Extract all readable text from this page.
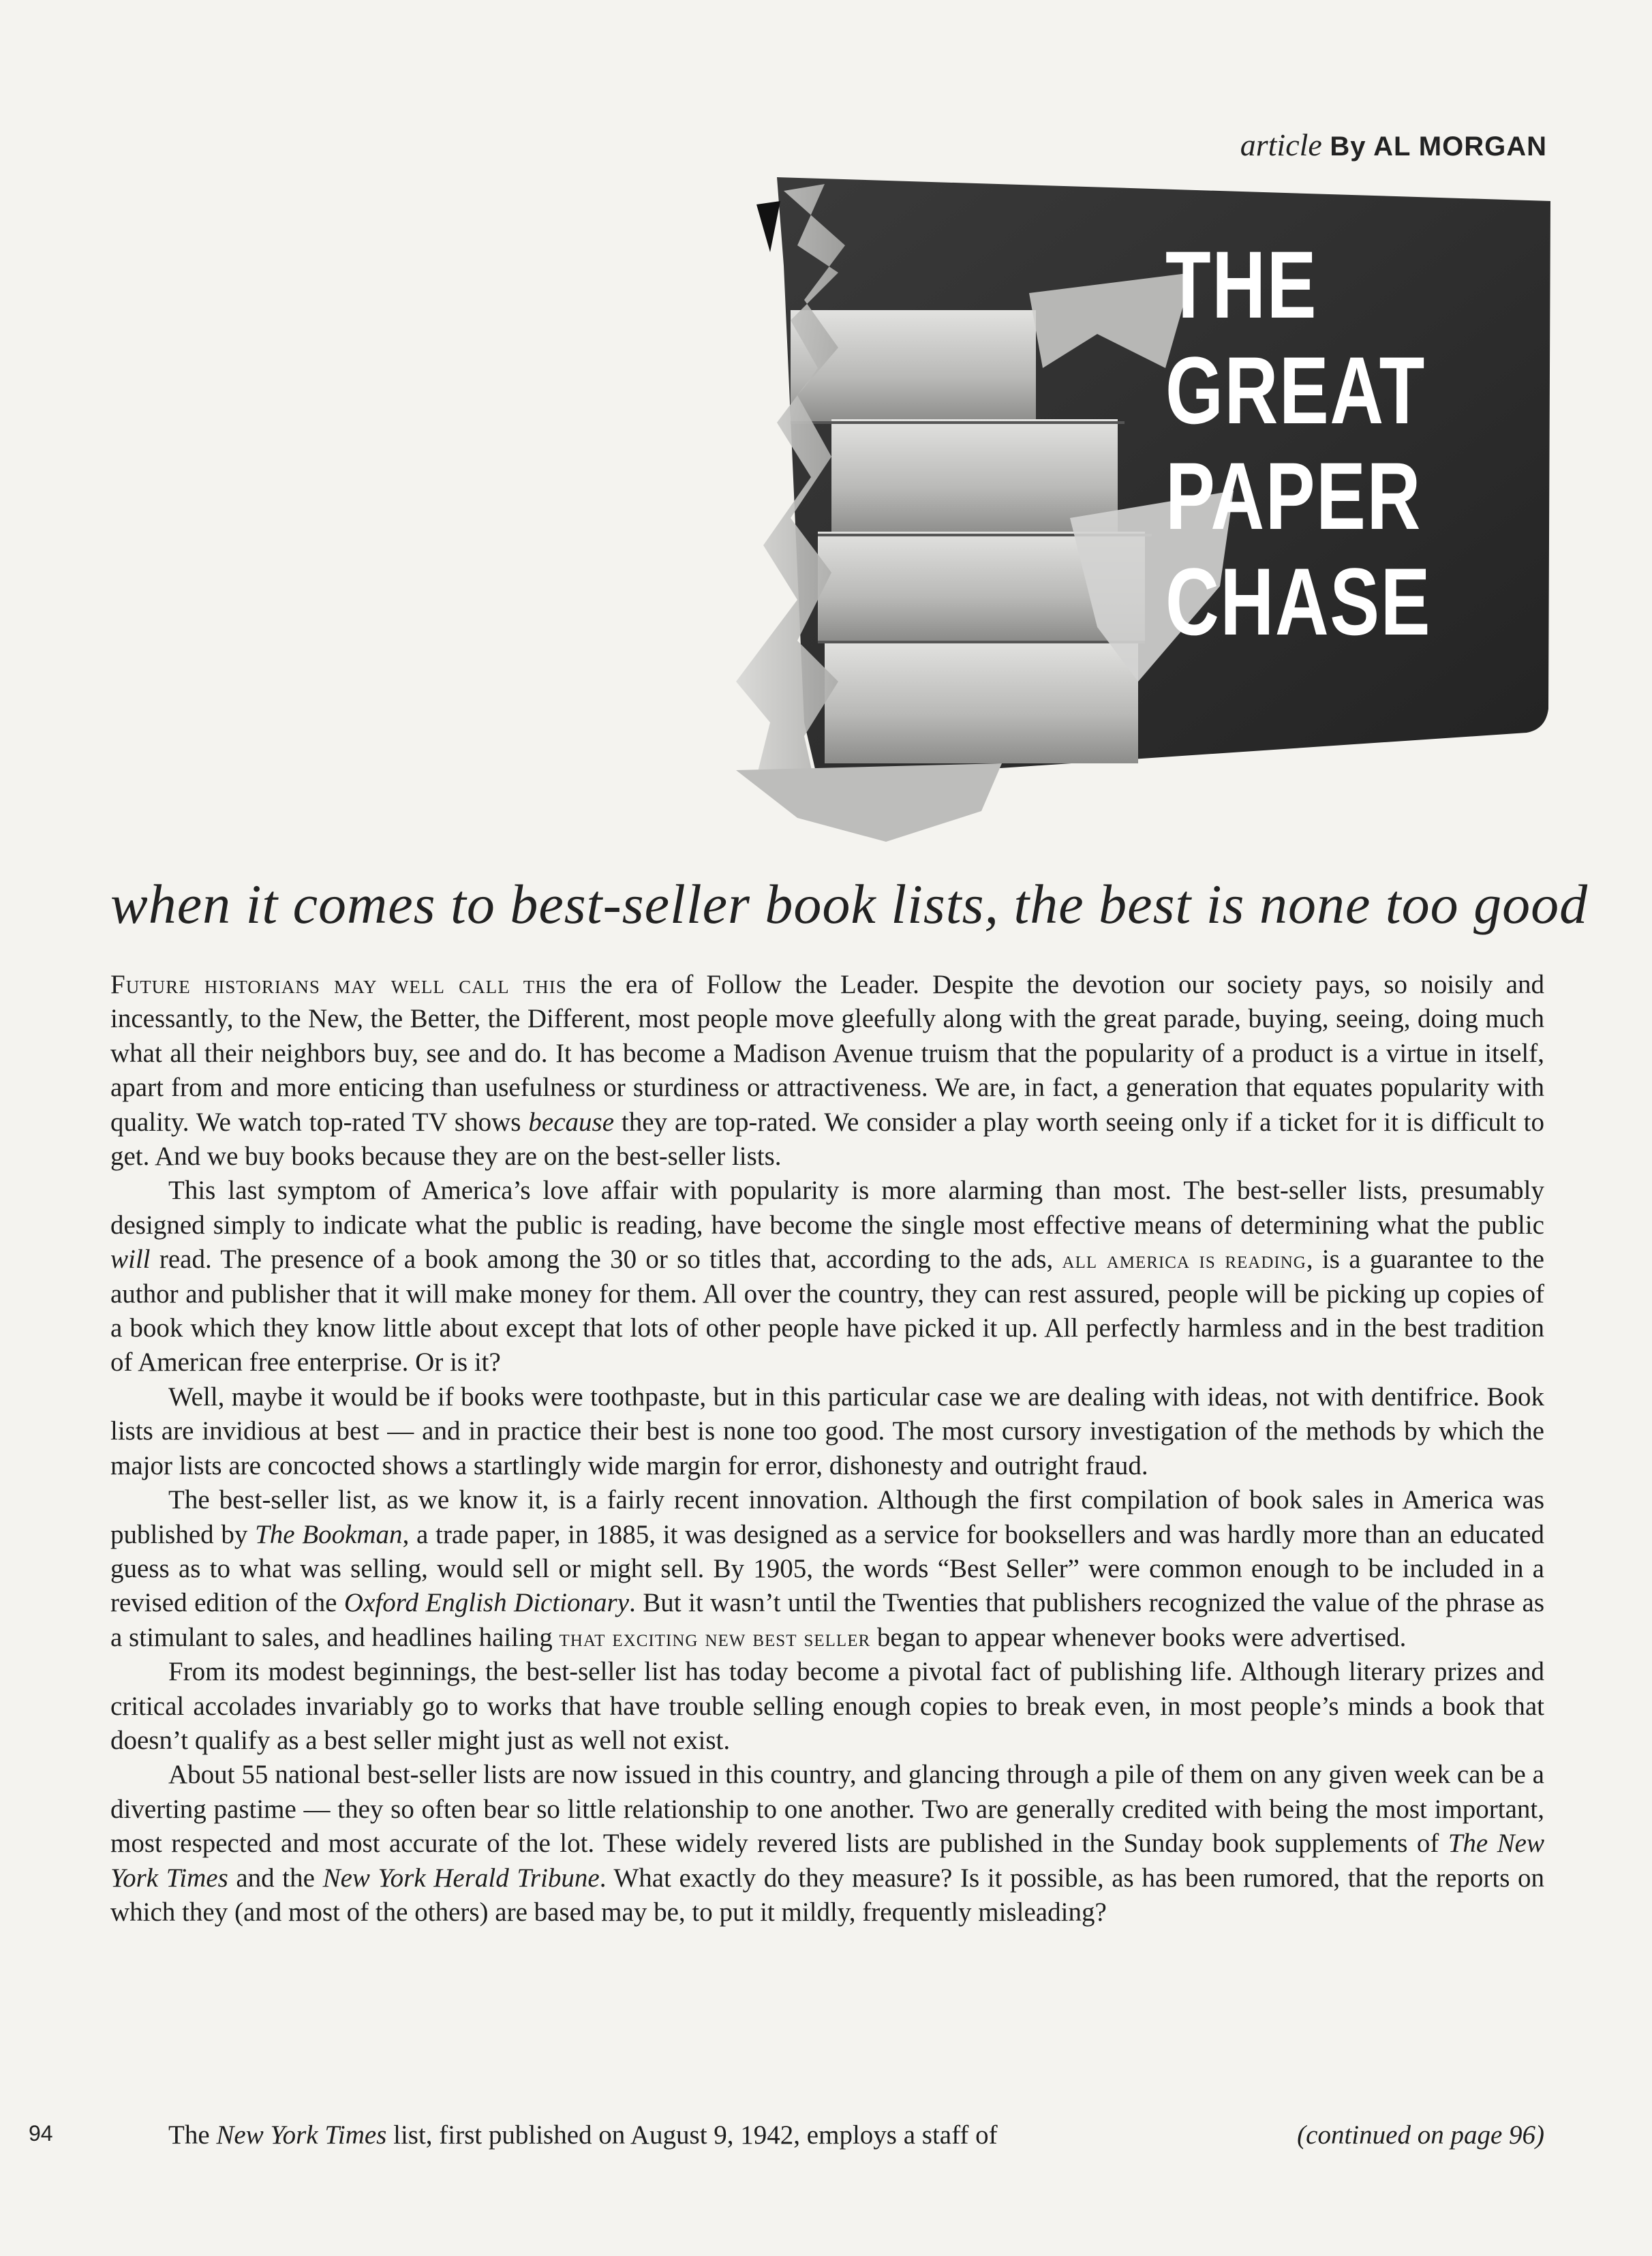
article By AL MORGAN
THE
GREAT
PAPER
CHASE
when it comes to best-seller book lists, the best is none too good

Future historians may well call this the era of Follow the Leader. Despite the devotion our society pays, so noisily and incessantly, to the New, the Better, the Different, most people move gleefully along with the great parade, buying, seeing, doing much what all their neighbors buy, see and do. It has become a Madison Avenue truism that the popularity of a product is a virtue in itself, apart from and more enticing than usefulness or sturdiness or attractiveness. We are, in fact, a generation that equates popularity with quality. We watch top-rated TV shows because they are top-rated. We consider a play worth seeing only if a ticket for it is difficult to get. And we buy books because they are on the best-seller lists.

This last symptom of America’s love affair with popularity is more alarming than most. The best-seller lists, presumably designed simply to indicate what the public is reading, have become the single most effective means of determining what the public will read. The presence of a book among the 30 or so titles that, according to the ads, all america is reading, is a guarantee to the author and publisher that it will make money for them. All over the country, they can rest assured, people will be picking up copies of a book which they know little about except that lots of other people have picked it up. All perfectly harmless and in the best tradition of American free enterprise. Or is it?

Well, maybe it would be if books were toothpaste, but in this particular case we are dealing with ideas, not with dentifrice. Book lists are invidious at best — and in practice their best is none too good. The most cursory investigation of the methods by which the major lists are concocted shows a startlingly wide margin for error, dishonesty and outright fraud.

The best-seller list, as we know it, is a fairly recent innovation. Although the first compilation of book sales in America was published by The Bookman, a trade paper, in 1885, it was designed as a service for booksellers and was hardly more than an educated guess as to what was selling, would sell or might sell. By 1905, the words “Best Seller” were common enough to be included in a revised edition of the Oxford English Dictionary. But it wasn’t until the Twenties that publishers recognized the value of the phrase as a stimulant to sales, and headlines hailing that exciting new best seller began to appear whenever books were advertised.

From its modest beginnings, the best-seller list has today become a pivotal fact of publishing life. Although literary prizes and critical accolades invariably go to works that have trouble selling enough copies to break even, in most people’s minds a book that doesn’t qualify as a best seller might just as well not exist.

About 55 national best-seller lists are now issued in this country, and glancing through a pile of them on any given week can be a diverting pastime — they so often bear so little relationship to one another. Two are generally credited with being the most important, most respected and most accurate of the lot. These widely revered lists are published in the Sunday book supplements of The New York Times and the New York Herald Tribune. What exactly do they measure? Is it possible, as has been rumored, that the reports on which they (and most of the others) are based may be, to put it mildly, frequently misleading?

The New York Times list, first published on August 9, 1942, employs a staff of	(continued on page 96)
94
